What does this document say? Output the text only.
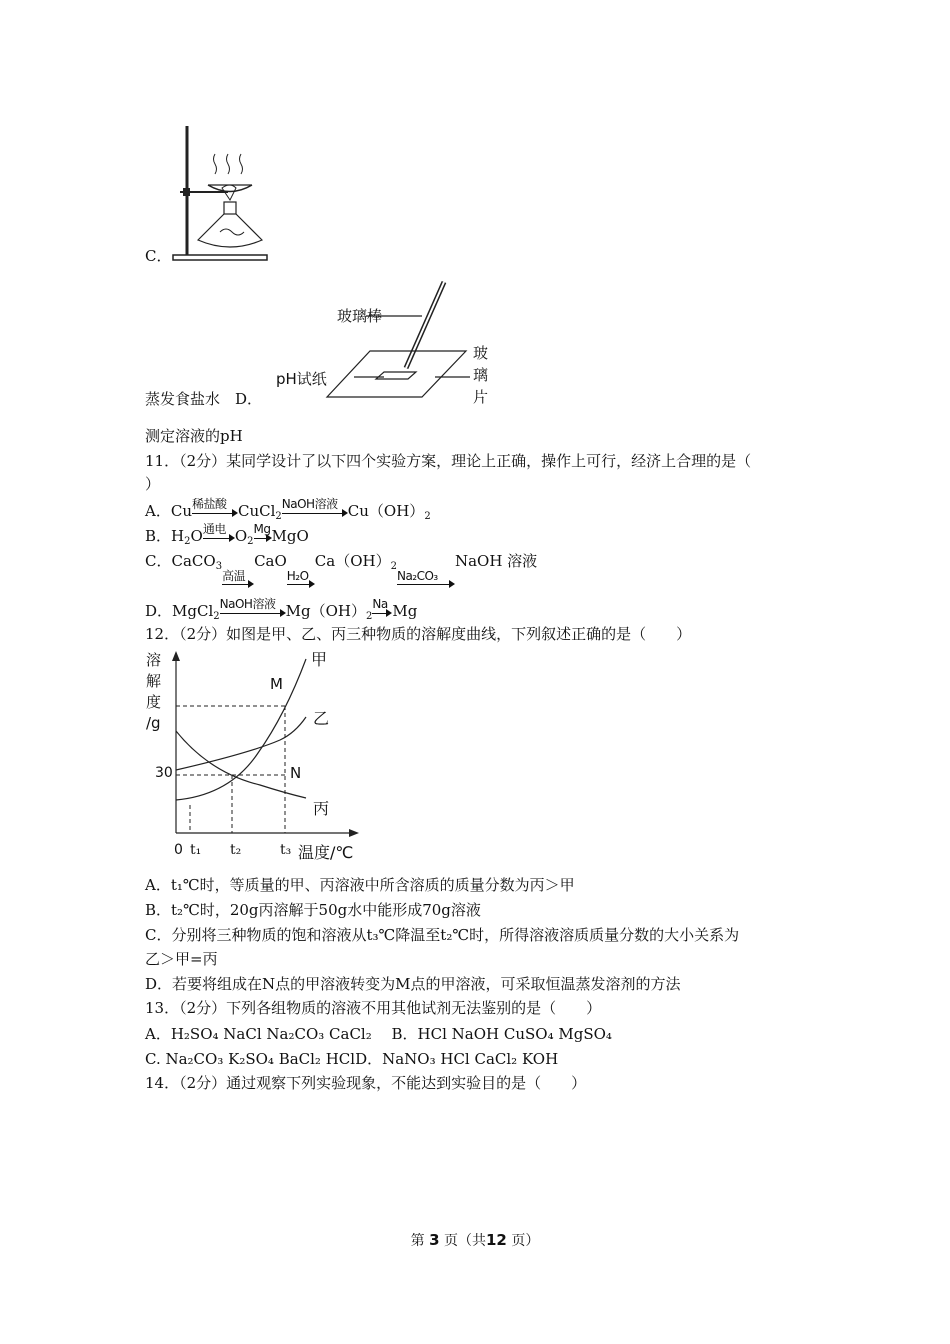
C．
玻璃棒
pH试纸
玻
璃
片
蒸发食盐水　D．
测定溶液的pH
11．（2分）某同学设计了以下四个实验方案，理论上正确，操作上可行，经济上合理的是（
）
A．Cu 稀盐酸 CuCl$_2$
NaOH溶液 $Cu(OH)_2$
B．$H_2O$ 通电 $O_2$
Mg MgO
C．CaCO$_3$
高温
CaO
H₂O
$Ca(OH)_2$
Na₂CO₃
NaOH 溶液
D．MgCl$_2$
NaOH溶液 $Mg(OH)_2$
Na Mg
12．（2分）如图是甲、乙、丙三种物质的溶解度曲线，下列叙述正确的是（　　）
溶
解
度
/g
30
0 t₁ t₂	t₃ 温度/℃
甲
乙
丙
M
N
A．t₁℃时，等质量的甲、丙溶液中所含溶质的质量分数为丙＞甲
B．t₂℃时，20g丙溶解于50g水中能形成70g溶液
C．分别将三种物质的饱和溶液从t₃℃降温至t₂℃时，所得溶液溶质质量分数的大小关系为
乙＞甲=丙
D．若要将组成在N点的甲溶液转变为M点的甲溶液，可采取恒温蒸发溶剂的方法
13．（2分）下列各组物质的溶液不用其他试剂无法鉴别的是（　　）
A．H₂SO₄ NaCl Na₂CO₃ CaCl₂　 B．HCl NaOH CuSO₄ MgSO₄
C. Na₂CO₃ K₂SO₄ BaCl₂ HClD．NaNO₃ HCl CaCl₂ KOH
14．（2分）通过观察下列实验现象，不能达到实验目的是（　　）
第 3 页（共12 页）
